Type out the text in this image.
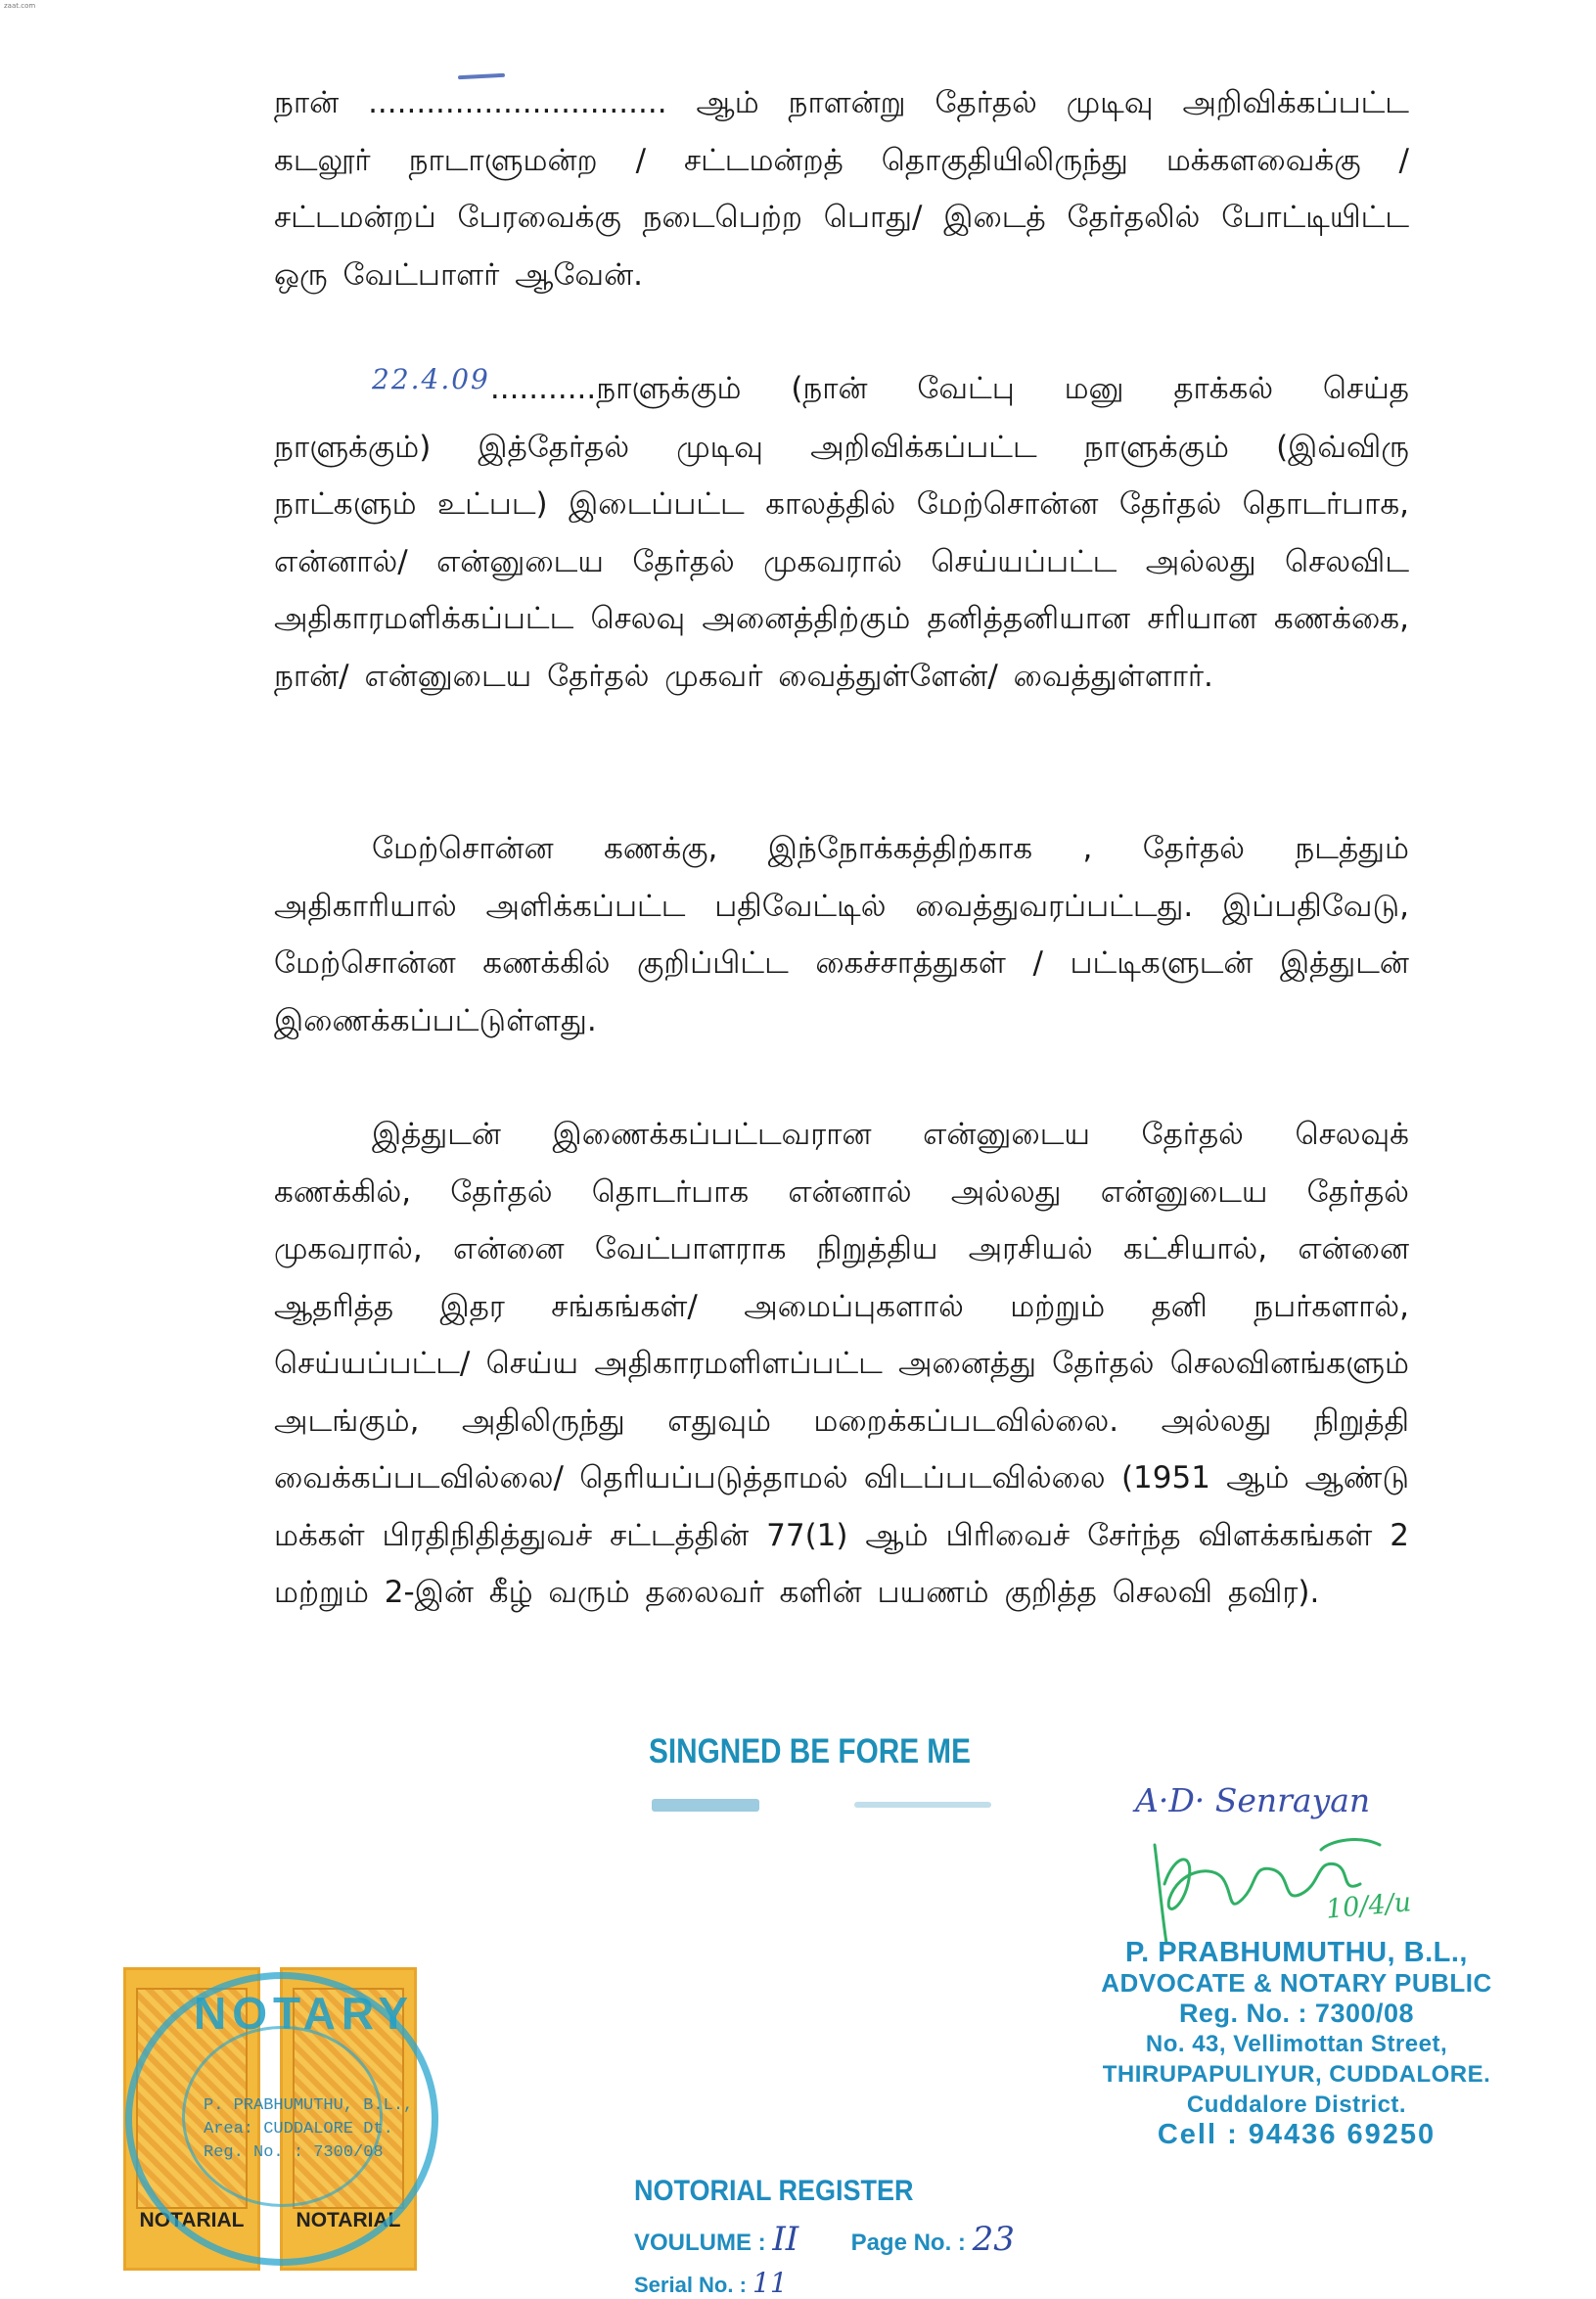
zaat.com

நான் ............................... ஆம் நாளன்று தேர்தல் முடிவு அறிவிக்கப்பட்ட கடலூர் நாடாளுமன்ற / சட்டமன்றத் தொகுதியிலிருந்து மக்களவைக்கு / சட்டமன்றப் பேரவைக்கு நடைபெற்ற பொது/ இடைத் தேர்தலில் போட்டியிட்ட ஒரு வேட்பாளர் ஆவேன்.

22.4.09...........நாளுக்கும் (நான் வேட்பு மனு தாக்கல் செய்த நாளுக்கும்) இத்தேர்தல் முடிவு அறிவிக்கப்பட்ட நாளுக்கும் (இவ்விரு நாட்களும் உட்பட) இடைப்பட்ட காலத்தில் மேற்சொன்ன தேர்தல் தொடர்பாக, என்னால்/ என்னுடைய தேர்தல் முகவரால் செய்யப்பட்ட அல்லது செலவிட அதிகாரமளிக்கப்பட்ட செலவு அனைத்திற்கும் தனித்தனியான சரியான கணக்கை, நான்/ என்னுடைய தேர்தல் முகவர் வைத்துள்ளேன்/ வைத்துள்ளார்.

மேற்சொன்ன கணக்கு, இந்நோக்கத்திற்காக , தேர்தல் நடத்தும் அதிகாரியால் அளிக்கப்பட்ட பதிவேட்டில் வைத்துவரப்பட்டது. இப்பதிவேடு, மேற்சொன்ன கணக்கில் குறிப்பிட்ட கைச்சாத்துகள் / பட்டிகளுடன் இத்துடன் இணைக்கப்பட்டுள்ளது.

இத்துடன் இணைக்கப்பட்டவரான என்னுடைய தேர்தல் செலவுக் கணக்கில், தேர்தல் தொடர்பாக என்னால் அல்லது என்னுடைய தேர்தல் முகவரால், என்னை வேட்பாளராக நிறுத்திய அரசியல் கட்சியால், என்னை ஆதரித்த இதர சங்கங்கள்/ அமைப்புகளால் மற்றும் தனி நபர்களால், செய்யப்பட்ட/ செய்ய அதிகாரமளிளப்பட்ட அனைத்து தேர்தல் செலவினங்களும் அடங்கும், அதிலிருந்து எதுவும் மறைக்கப்படவில்லை. அல்லது நிறுத்தி வைக்கப்படவில்லை/ தெரியப்படுத்தாமல் விடப்படவில்லை (1951 ஆம் ஆண்டு மக்கள் பிரதிநிதித்துவச் சட்டத்தின் 77(1) ஆம் பிரிவைச் சேர்ந்த விளக்கங்கள் 2 மற்றும் 2-இன் கீழ் வரும் தலைவர் களின் பயணம் குறித்த செலவி தவிர).

SINGNED BE FORE ME
A·D· Senrayan
10/4/u
P. PRABHUMUTHU, B.L.,
ADVOCATE & NOTARY PUBLIC
Reg. No. : 7300/08
No. 43, Vellimottan Street,
THIRUPAPULIYUR, CUDDALORE.
Cuddalore District.
Cell : 94436 69250
NOTARIAL	NOTARIAL
NOTARY
P. PRABHUMUTHU, B.L.,
Area: CUDDALORE Dt.
Reg. No. : 7300/08
NOTORIAL REGISTER
VOULUME : II Page No. : 23
Serial No. : 11
